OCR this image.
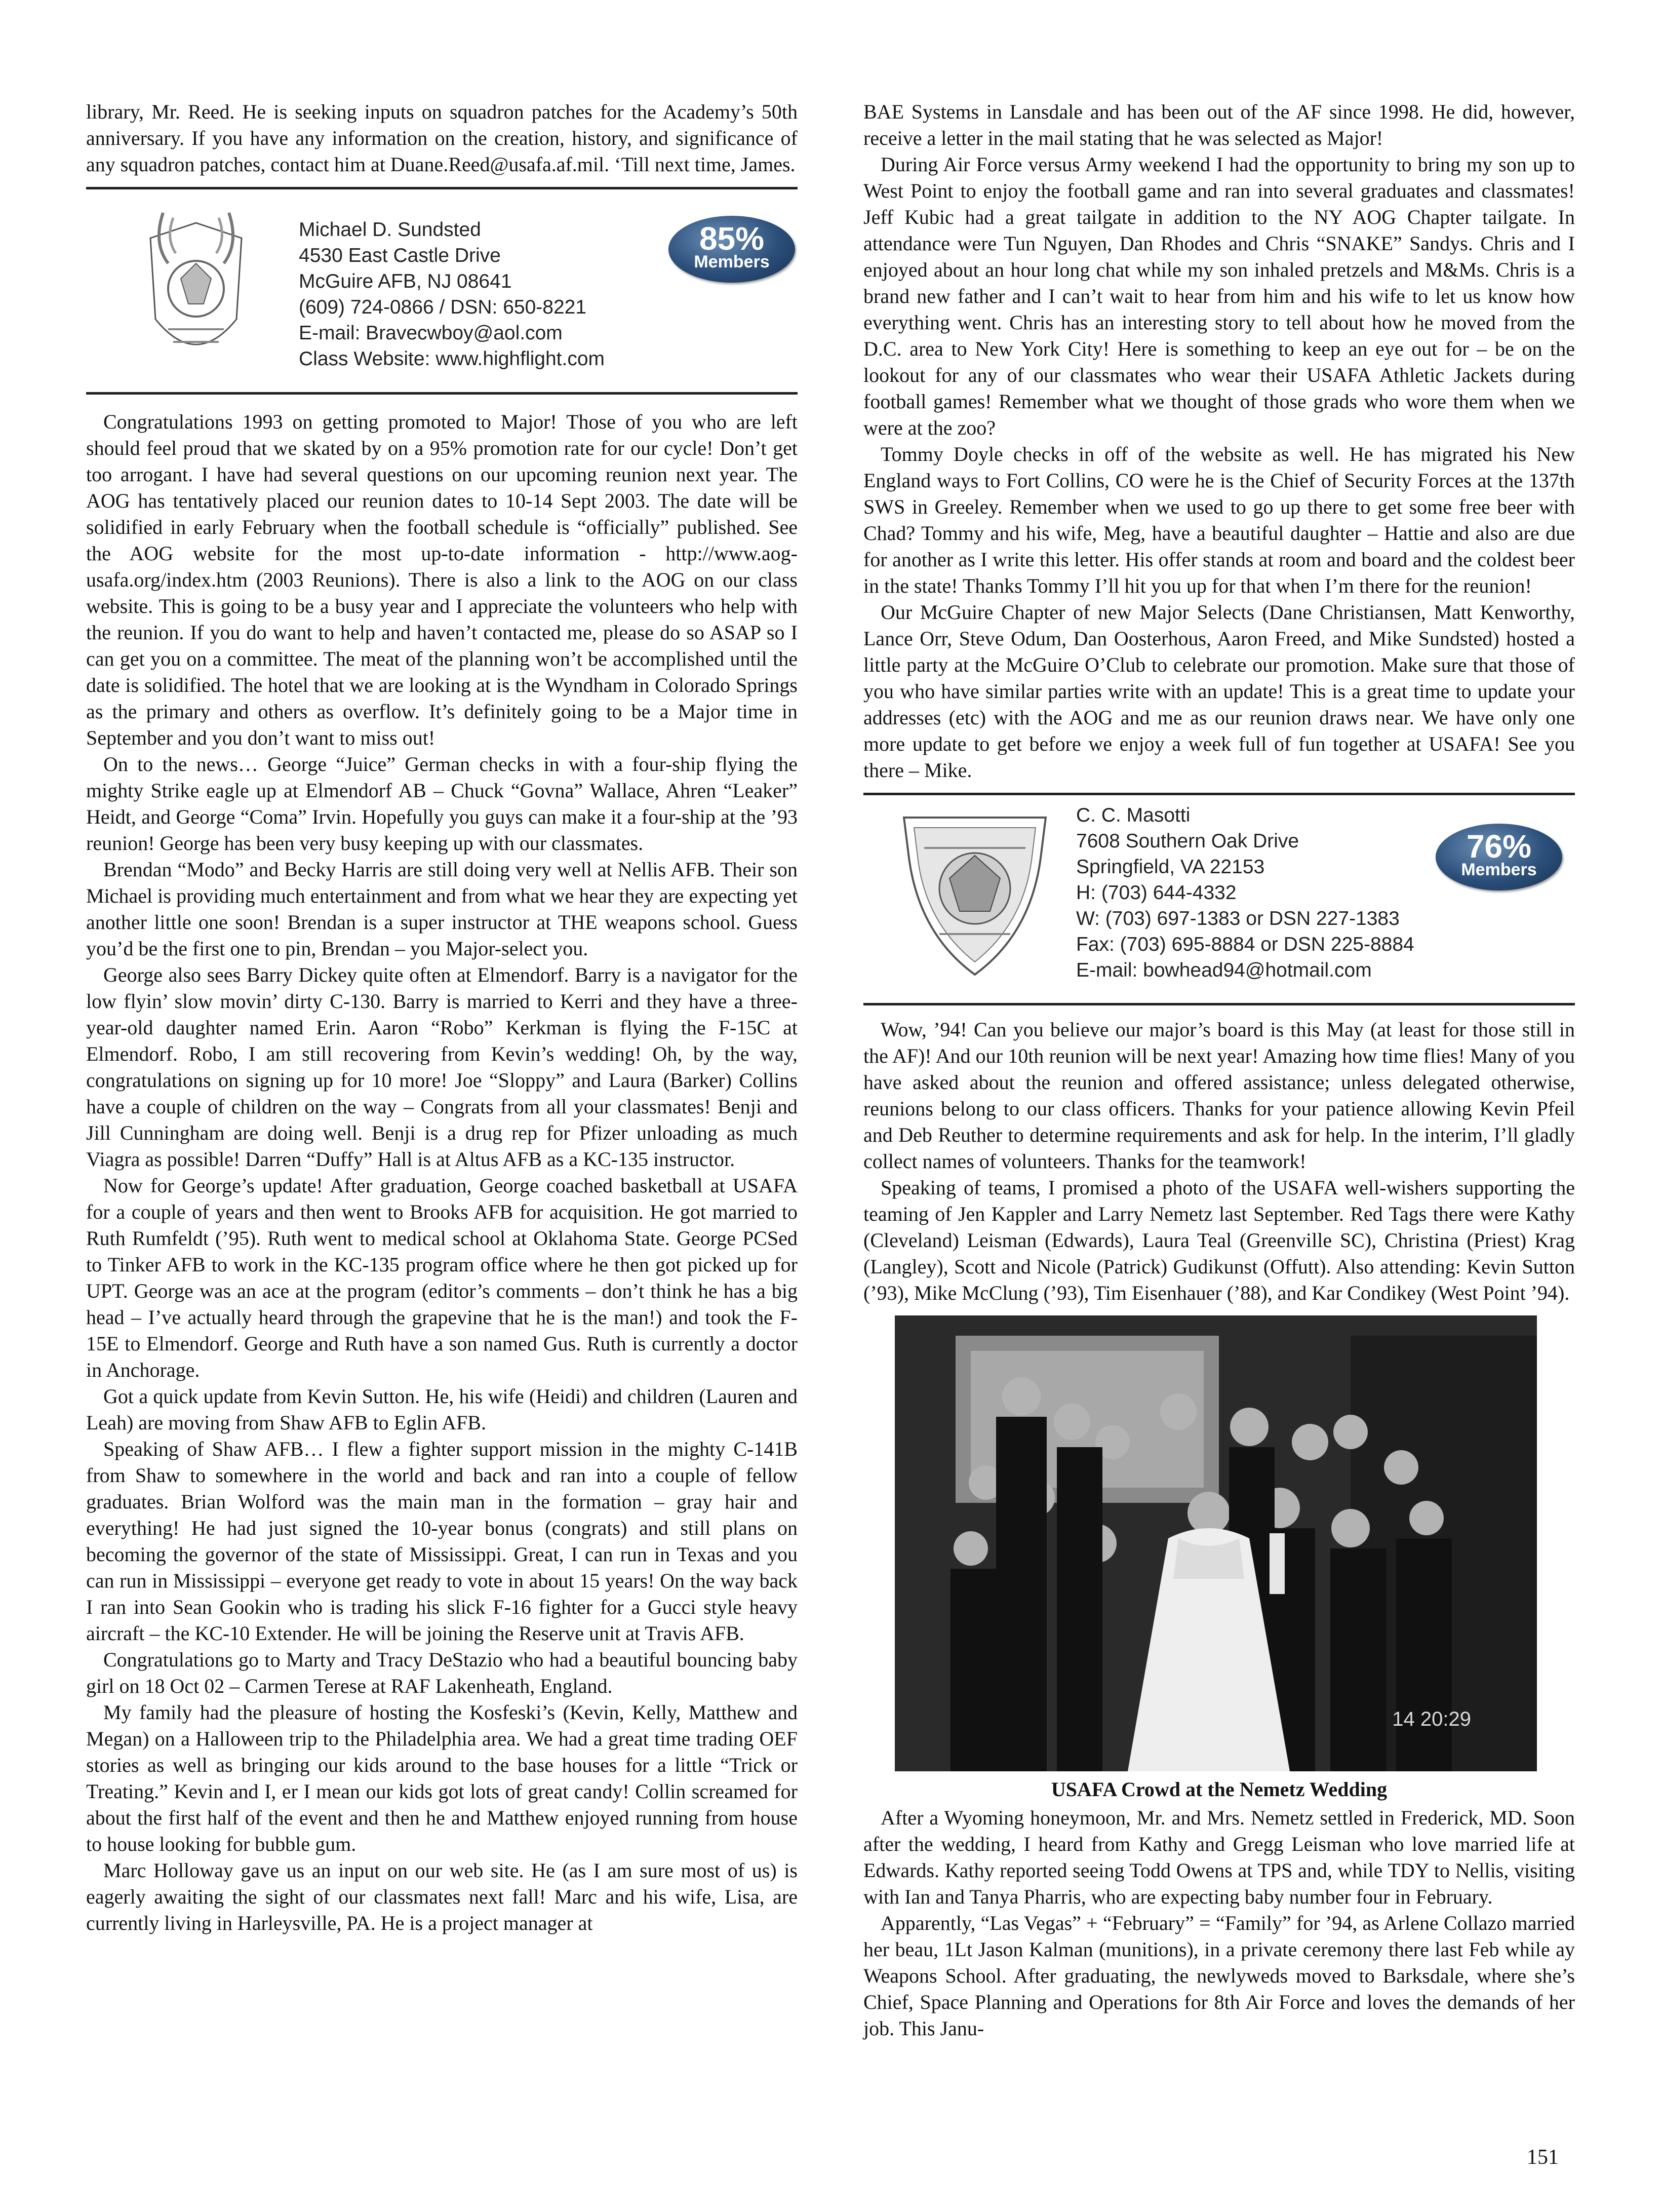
library, Mr. Reed. He is seeking inputs on squadron patches for the Academy’s 50th anniversary. If you have any information on the creation, history, and significance of any squadron patches, contact him at Duane.Reed@usafa.af.mil. ‘Till next time, James.

Michael D. Sundsted
4530 East Castle Drive
McGuire AFB, NJ 08641
(609) 724-0866 / DSN: 650-8221
E-mail: Bravecwboy@aol.com
Class Website: www.highflight.com
85%
Members

Congratulations 1993 on getting promoted to Major! Those of you who are left should feel proud that we skated by on a 95% promotion rate for our cycle! Don’t get too arrogant. I have had several questions on our upcoming reunion next year. The AOG has tentatively placed our reunion dates to 10-14 Sept 2003. The date will be solidified in early February when the football schedule is “officially” published. See the AOG website for the most up-to-date information - http://www.aog-usafa.org/index.htm (2003 Reunions). There is also a link to the AOG on our class website. This is going to be a busy year and I appreciate the volunteers who help with the reunion. If you do want to help and haven’t contacted me, please do so ASAP so I can get you on a committee. The meat of the planning won’t be accomplished until the date is solidified. The hotel that we are looking at is the Wyndham in Colorado Springs as the primary and others as overflow. It’s definitely going to be a Major time in September and you don’t want to miss out!

On to the news… George “Juice” German checks in with a four-ship flying the mighty Strike eagle up at Elmendorf AB – Chuck “Govna” Wallace, Ahren “Leaker” Heidt, and George “Coma” Irvin. Hopefully you guys can make it a four-ship at the ’93 reunion! George has been very busy keeping up with our classmates.

Brendan “Modo” and Becky Harris are still doing very well at Nellis AFB. Their son Michael is providing much entertainment and from what we hear they are expecting yet another little one soon! Brendan is a super instructor at THE weapons school. Guess you’d be the first one to pin, Brendan – you Major-select you.

George also sees Barry Dickey quite often at Elmendorf. Barry is a navigator for the low flyin’ slow movin’ dirty C-130. Barry is married to Kerri and they have a three-year-old daughter named Erin. Aaron “Robo” Kerkman is flying the F-15C at Elmendorf. Robo, I am still recovering from Kevin’s wedding! Oh, by the way, congratulations on signing up for 10 more! Joe “Sloppy” and Laura (Barker) Collins have a couple of children on the way – Congrats from all your classmates! Benji and Jill Cunningham are doing well. Benji is a drug rep for Pfizer unloading as much Viagra as possible! Darren “Duffy” Hall is at Altus AFB as a KC-135 instructor.

Now for George’s update! After graduation, George coached basketball at USAFA for a couple of years and then went to Brooks AFB for acquisition. He got married to Ruth Rumfeldt (’95). Ruth went to medical school at Oklahoma State. George PCSed to Tinker AFB to work in the KC-135 program office where he then got picked up for UPT. George was an ace at the program (editor’s comments – don’t think he has a big head – I’ve actually heard through the grapevine that he is the man!) and took the F-15E to Elmendorf. George and Ruth have a son named Gus. Ruth is currently a doctor in Anchorage.

Got a quick update from Kevin Sutton. He, his wife (Heidi) and children (Lauren and Leah) are moving from Shaw AFB to Eglin AFB.

Speaking of Shaw AFB… I flew a fighter support mission in the mighty C-141B from Shaw to somewhere in the world and back and ran into a couple of fellow graduates. Brian Wolford was the main man in the formation – gray hair and everything! He had just signed the 10-year bonus (congrats) and still plans on becoming the governor of the state of Mississippi. Great, I can run in Texas and you can run in Mississippi – everyone get ready to vote in about 15 years! On the way back I ran into Sean Gookin who is trading his slick F-16 fighter for a Gucci style heavy aircraft – the KC-10 Extender. He will be joining the Reserve unit at Travis AFB.

Congratulations go to Marty and Tracy DeStazio who had a beautiful bouncing baby girl on 18 Oct 02 – Carmen Terese at RAF Lakenheath, England.

My family had the pleasure of hosting the Kosfeski’s (Kevin, Kelly, Matthew and Megan) on a Halloween trip to the Philadelphia area. We had a great time trading OEF stories as well as bringing our kids around to the base houses for a little “Trick or Treating.” Kevin and I, er I mean our kids got lots of great candy! Collin screamed for about the first half of the event and then he and Matthew enjoyed running from house to house looking for bubble gum.

Marc Holloway gave us an input on our web site. He (as I am sure most of us) is eagerly awaiting the sight of our classmates next fall! Marc and his wife, Lisa, are currently living in Harleysville, PA. He is a project manager at

BAE Systems in Lansdale and has been out of the AF since 1998. He did, however, receive a letter in the mail stating that he was selected as Major!

During Air Force versus Army weekend I had the opportunity to bring my son up to West Point to enjoy the football game and ran into several graduates and classmates! Jeff Kubic had a great tailgate in addition to the NY AOG Chapter tailgate. In attendance were Tun Nguyen, Dan Rhodes and Chris “SNAKE” Sandys. Chris and I enjoyed about an hour long chat while my son inhaled pretzels and M&Ms. Chris is a brand new father and I can’t wait to hear from him and his wife to let us know how everything went. Chris has an interesting story to tell about how he moved from the D.C. area to New York City! Here is something to keep an eye out for – be on the lookout for any of our classmates who wear their USAFA Athletic Jackets during football games! Remember what we thought of those grads who wore them when we were at the zoo?

Tommy Doyle checks in off of the website as well. He has migrated his New England ways to Fort Collins, CO were he is the Chief of Security Forces at the 137th SWS in Greeley. Remember when we used to go up there to get some free beer with Chad? Tommy and his wife, Meg, have a beautiful daughter – Hattie and also are due for another as I write this letter. His offer stands at room and board and the coldest beer in the state! Thanks Tommy I’ll hit you up for that when I’m there for the reunion!

Our McGuire Chapter of new Major Selects (Dane Christiansen, Matt Kenworthy, Lance Orr, Steve Odum, Dan Oosterhous, Aaron Freed, and Mike Sundsted) hosted a little party at the McGuire O’Club to celebrate our promotion. Make sure that those of you who have similar parties write with an update! This is a great time to update your addresses (etc) with the AOG and me as our reunion draws near. We have only one more update to get before we enjoy a week full of fun together at USAFA! See you there – Mike.

C. C. Masotti
7608 Southern Oak Drive
Springfield, VA 22153
H: (703) 644-4332
W: (703) 697-1383 or DSN 227-1383
Fax: (703) 695-8884 or DSN 225-8884
E-mail: bowhead94@hotmail.com
76%
Members

Wow, ’94! Can you believe our major’s board is this May (at least for those still in the AF)! And our 10th reunion will be next year! Amazing how time flies! Many of you have asked about the reunion and offered assistance; unless delegated otherwise, reunions belong to our class officers. Thanks for your patience allowing Kevin Pfeil and Deb Reuther to determine requirements and ask for help. In the interim, I’ll gladly collect names of volunteers. Thanks for the teamwork!

Speaking of teams, I promised a photo of the USAFA well-wishers supporting the teaming of Jen Kappler and Larry Nemetz last September. Red Tags there were Kathy (Cleveland) Leisman (Edwards), Laura Teal (Greenville SC), Christina (Priest) Krag (Langley), Scott and Nicole (Patrick) Gudikunst (Offutt). Also attending: Kevin Sutton (’93), Mike McClung (’93), Tim Eisenhauer (’88), and Kar Condikey (West Point ’94).

14 20:29
USAFA Crowd at the Nemetz Wedding

After a Wyoming honeymoon, Mr. and Mrs. Nemetz settled in Frederick, MD. Soon after the wedding, I heard from Kathy and Gregg Leisman who love married life at Edwards. Kathy reported seeing Todd Owens at TPS and, while TDY to Nellis, visiting with Ian and Tanya Pharris, who are expecting baby number four in February.

Apparently, “Las Vegas” + “February” = “Family” for ’94, as Arlene Collazo married her beau, 1Lt Jason Kalman (munitions), in a private ceremony there last Feb while ay Weapons School. After graduating, the newlyweds moved to Barksdale, where she’s Chief, Space Planning and Operations for 8th Air Force and loves the demands of her job. This Janu-

151
